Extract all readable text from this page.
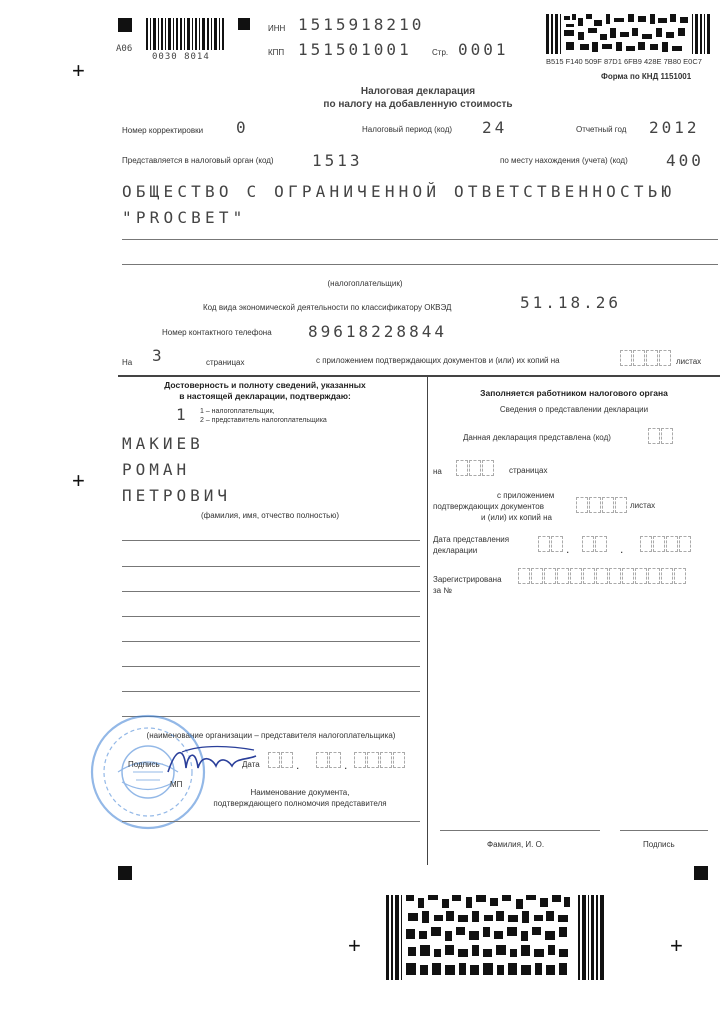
+
+
+	+
А06
0030 8014
ИНН 1515918210
КПП 151501001	Стр. 0001
B515 F140 509F 87D1 6FB9 428E 7B80 E0C7
Форма по КНД 1151001
Налоговая декларация
по налогу на добавленную стоимость
Номер корректировки 0	Налоговый период (код) 24	Отчетный год 2012
Представляется в налоговый орган (код) 1513	по месту нахождения (учета) (код) 400
ОБЩЕСТВО С ОГРАНИЧЕННОЙ ОТВЕТСТВЕННОСТЬЮ
"PROCBET"
(налогоплательщик)
Код вида экономической деятельности по классификатору ОКВЭД	51.18.26
Номер контактного телефона 89618228844
На 3	страницах	с приложением подтверждающих документов и (или) их копий на	листах
Достоверность и полноту сведений, указанных
в настоящей декларации, подтверждаю:
1 1 – налогоплательщик,
2 – представитель налогоплательщика
МАКИЕВ
РОМАН
ПЕТРОВИЧ
(фамилия, имя, отчество полностью)
(наименование организации – представителя налогоплательщика)
Подпись	Дата	.	.
МП
Наименование документа,
подтверждающего полномочия представителя
Заполняется работником налогового органа
Сведения о представлении декларации
Данная декларация представлена (код)
на	страницах
с приложением
подтверждающих документов
и (или) их копий на
листах
Дата представления
декларации	.	.
Зарегистрирована
за №
Фамилия, И. О.	Подпись
